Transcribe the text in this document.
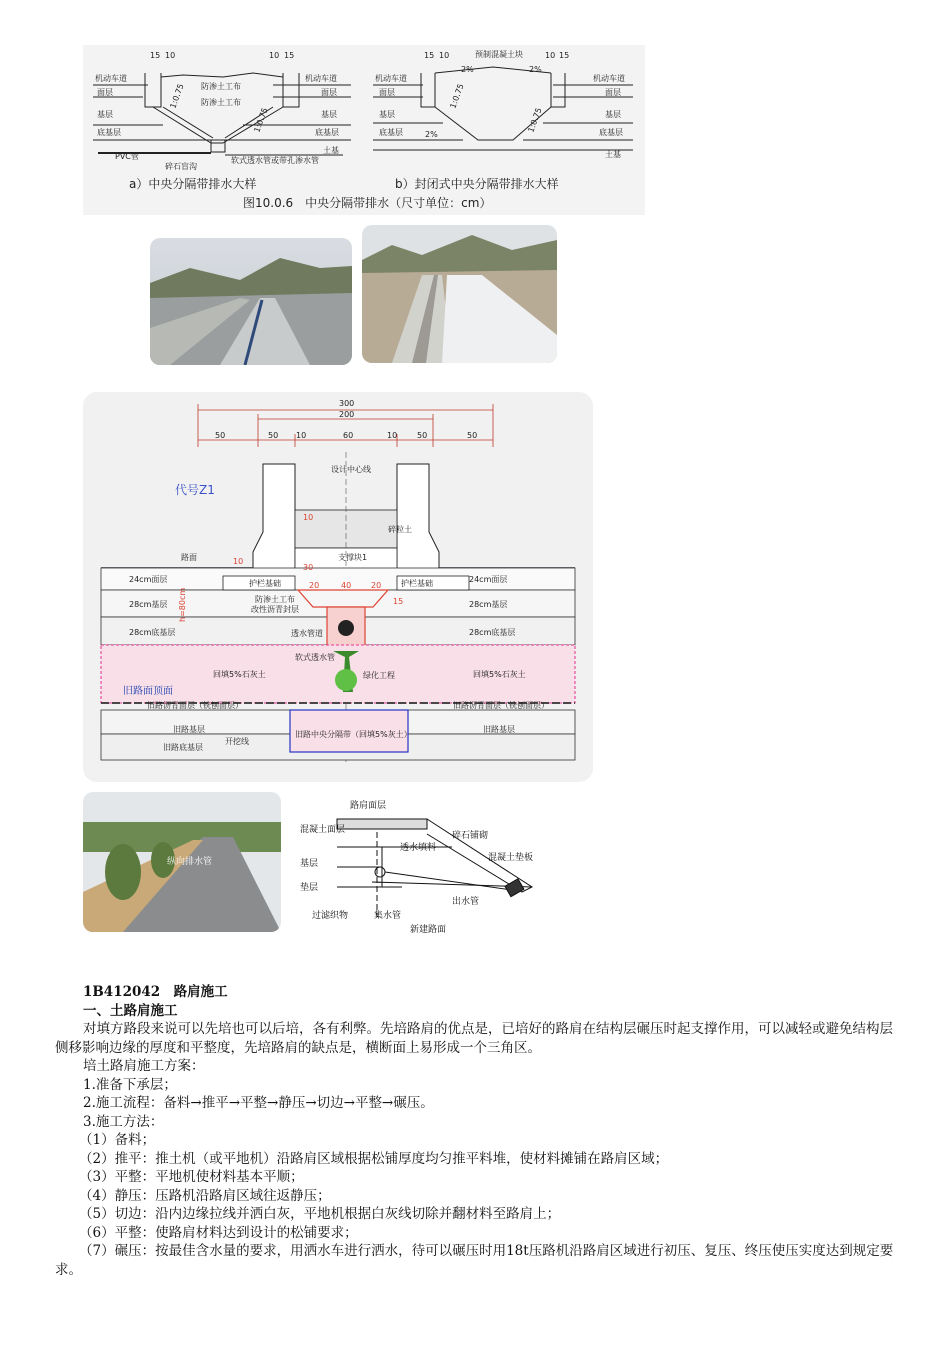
15 10	10 15
机动车道	机动车道
面层	面层
基层	基层
底基层	底基层
土基
防渗土工布
防渗土工布
PVC管
碎石盲沟
软式透水管或带孔渗水管
1:0.75
1:0.75
15 10	10 15
预制混凝土块
2%	2%
2%
机动车道	机动车道
面层	面层
基层	基层
底基层	底基层
土基
1:0.75
1:0.75
a）中央分隔带排水大样	b）封闭式中央分隔带排水大样
图10.0.6　中央分隔带排水（尺寸单位：cm）
300
200
50	50 10	60	10 50	50
设计中心线
碎粒土
支撑块1
代号Z1
路面
24cm面层	24cm面层
28cm基层	28cm基层
28cm底基层	28cm底基层
护栏基础	护栏基础
防渗土工布
改性沥青封层
透水管道
20	40 20
15
10
30
10
h=80cm
回填5%石灰土	回填5%石灰土
软式透水管
绿化工程
旧路面顶面
旧路沥青面层（铣刨面层）	旧路沥青面层（铣刨面层）
旧路基层	旧路基层
旧路底基层
开挖线
旧路中央分隔带（回填5%灰土）
纵向排水管
路肩面层
混凝土面层
碎石铺砌
透水填料
混凝土垫板
基层
垫层
出水管
过滤织物	集水管
新建路面

1B412042　路肩施工

一、土路肩施工

对填方路段来说可以先培也可以后培，各有利弊。先培路肩的优点是，已培好的路肩在结构层碾压时起支撑作用，可以减轻或避免结构层侧移影响边缘的厚度和平整度，先培路肩的缺点是，横断面上易形成一个三角区。

培土路肩施工方案：

1.准备下承层；

2.施工流程：备料→推平→平整→静压→切边→平整→碾压。

3.施工方法：

（1）备料；

（2）推平：推土机（或平地机）沿路肩区域根据松铺厚度均匀推平料堆，使材料摊铺在路肩区域；

（3）平整：平地机使材料基本平顺；

（4）静压：压路机沿路肩区域往返静压；

（5）切边：沿内边缘拉线并洒白灰，平地机根据白灰线切除并翻材料至路肩上；

（6）平整：使路肩材料达到设计的松铺要求；

（7）碾压：按最佳含水量的要求，用洒水车进行洒水，待可以碾压时用18t压路机沿路肩区域进行初压、复压、终压使压实度达到规定要求。
